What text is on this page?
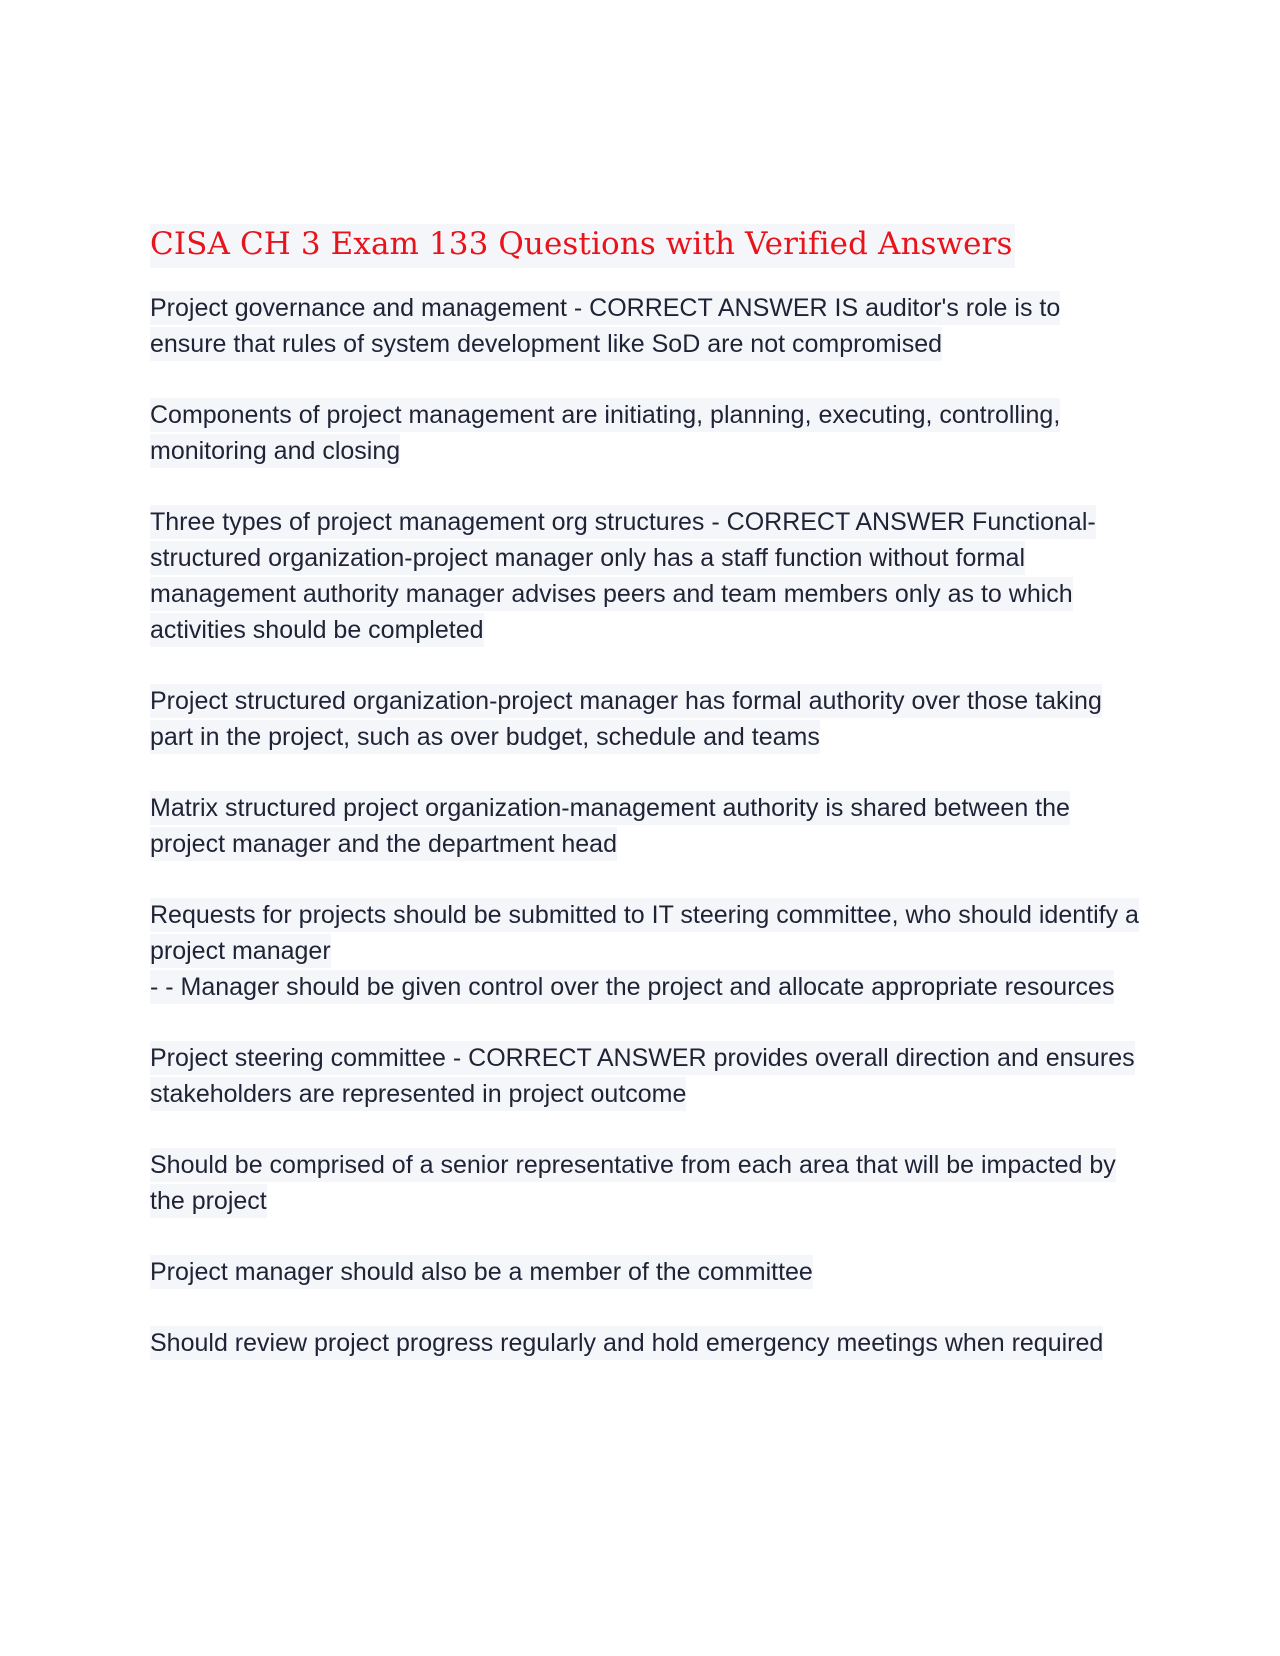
CISA CH 3 Exam 133 Questions with Verified Answers

Project governance and management - CORRECT ANSWER IS auditor's role is to ensure that rules of system development like SoD are not compromised

Components of project management are initiating, planning, executing, controlling, monitoring and closing

Three types of project management org structures - CORRECT ANSWER Functional-structured organization-project manager only has a staff function without formal management authority manager advises peers and team members only as to which activities should be completed

Project structured organization-project manager has formal authority over those taking part in the project, such as over budget, schedule and teams

Matrix structured project organization-management authority is shared between the project manager and the department head

Requests for projects should be submitted to IT steering committee, who should identify a project manager
- - Manager should be given control over the project and allocate appropriate resources

Project steering committee - CORRECT ANSWER provides overall direction and ensures stakeholders are represented in project outcome

Should be comprised of a senior representative from each area that will be impacted by the project

Project manager should also be a member of the committee

Should review project progress regularly and hold emergency meetings when required
